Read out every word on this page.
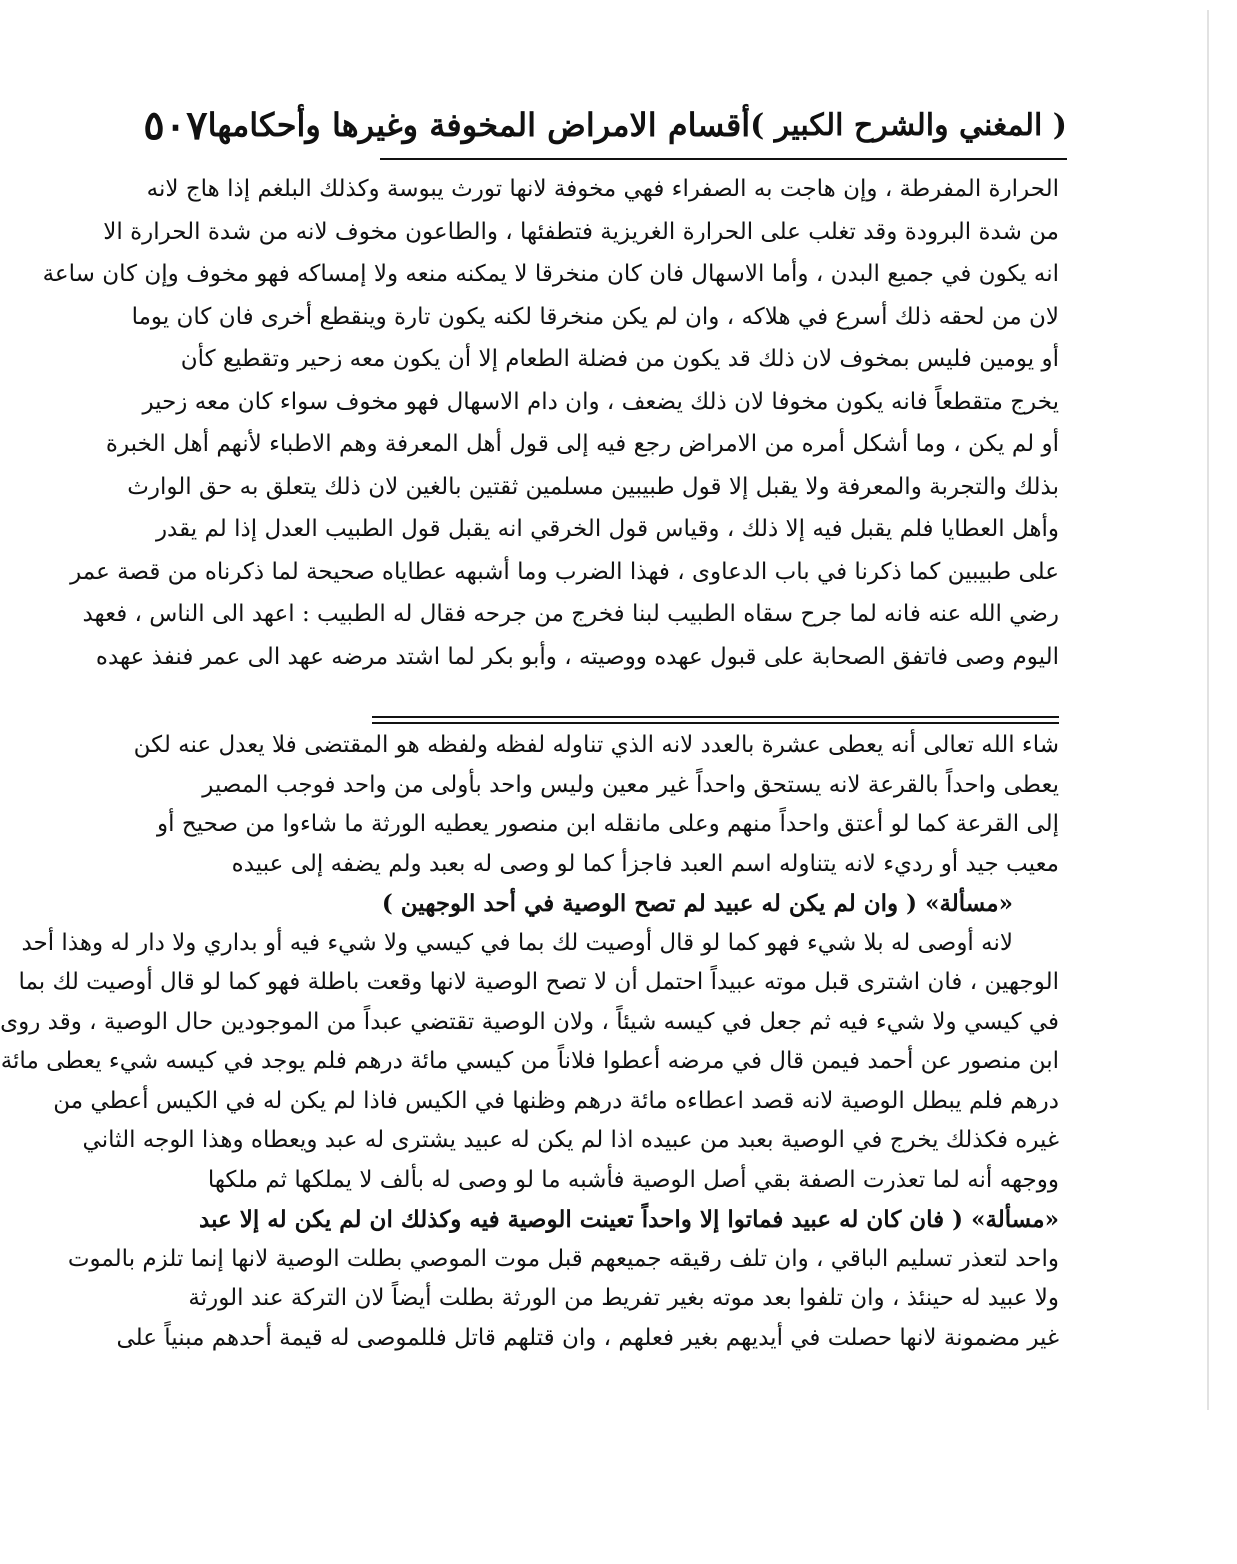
( المغني والشرح الكبير )
أقسام الامراض المخوفة وغيرها وأحكامها
٥٠٧
الحرارة المفرطة ، وإن هاجت به الصفراء فهي مخوفة لانها تورث يبوسة وكذلك البلغم إذا هاج لانه
من شدة البرودة وقد تغلب على الحرارة الغريزية فتطفئها ، والطاعون مخوف لانه من شدة الحرارة الا
انه يكون في جميع البدن ، وأما الاسهال فان كان منخرقا لا يمكنه منعه ولا إمساكه فهو مخوف وإن كان ساعة
لان من لحقه ذلك أسرع في هلاكه ، وان لم يكن منخرقا لكنه يكون تارة وينقطع أخرى فان كان يوما
أو يومين فليس بمخوف لان ذلك قد يكون من فضلة الطعام إلا أن يكون معه زحير وتقطيع كأن
يخرج متقطعاً فانه يكون مخوفا لان ذلك يضعف ، وان دام الاسهال فهو مخوف سواء كان معه زحير
أو لم يكن ، وما أشكل أمره من الامراض رجع فيه إلى قول أهل المعرفة وهم الاطباء لأنهم أهل الخبرة
بذلك والتجربة والمعرفة ولا يقبل إلا قول طبيبين مسلمين ثقتين بالغين لان ذلك يتعلق به حق الوارث
وأهل العطايا فلم يقبل فيه إلا ذلك ، وقياس قول الخرقي انه يقبل قول الطبيب العدل إذا لم يقدر
على طبيبين كما ذكرنا في باب الدعاوى ، فهذا الضرب وما أشبهه عطاياه صحيحة لما ذكرناه من قصة عمر
رضي الله عنه فانه لما جرح سقاه الطبيب لبنا فخرج من جرحه فقال له الطبيب : اعهد الى الناس ، فعهد
اليوم وصى فاتفق الصحابة على قبول عهده ووصيته ، وأبو بكر لما اشتد مرضه عهد الى عمر فنفذ عهده
شاء الله تعالى أنه يعطى عشرة بالعدد لانه الذي تناوله لفظه ولفظه هو المقتضى فلا يعدل عنه لكن
يعطى واحداً بالقرعة لانه يستحق واحداً غير معين وليس واحد بأولى من واحد فوجب المصير
إلى القرعة كما لو أعتق واحداً منهم وعلى مانقله ابن منصور يعطيه الورثة ما شاءوا من صحيح أو
معيب جيد أو رديء لانه يتناوله اسم العبد فاجزأ كما لو وصى له بعبد ولم يضفه إلى عبيده
«مسألة» ( وان لم يكن له عبيد لم تصح الوصية في أحد الوجهين )
لانه أوصى له بلا شيء فهو كما لو قال أوصيت لك بما في كيسي ولا شيء فيه أو بداري ولا دار له وهذا أحد
الوجهين ، فان اشترى قبل موته عبيداً احتمل أن لا تصح الوصية لانها وقعت باطلة فهو كما لو قال أوصيت لك بما
في كيسي ولا شيء فيه ثم جعل في كيسه شيئاً ، ولان الوصية تقتضي عبداً من الموجودين حال الوصية ، وقد روى
ابن منصور عن أحمد فيمن قال في مرضه أعطوا فلاناً من كيسي مائة درهم فلم يوجد في كيسه شيء يعطى مائة
درهم فلم يبطل الوصية لانه قصد اعطاءه مائة درهم وظنها في الكيس فاذا لم يكن له في الكيس أعطي من
غيره فكذلك يخرج في الوصية بعبد من عبيده اذا لم يكن له عبيد يشترى له عبد ويعطاه وهذا الوجه الثاني
ووجهه أنه لما تعذرت الصفة بقي أصل الوصية فأشبه ما لو وصى له بألف لا يملكها ثم ملكها
«مسألة» ( فان كان له عبيد فماتوا إلا واحداً تعينت الوصية فيه وكذلك ان لم يكن له إلا عبد
واحد لتعذر تسليم الباقي ، وان تلف رقيقه جميعهم قبل موت الموصي بطلت الوصية لانها إنما تلزم بالموت
ولا عبيد له حينئذ ، وان تلفوا بعد موته بغير تفريط من الورثة بطلت أيضاً لان التركة عند الورثة
غير مضمونة لانها حصلت في أيديهم بغير فعلهم ، وان قتلهم قاتل فللموصى له قيمة أحدهم مبنياً على
